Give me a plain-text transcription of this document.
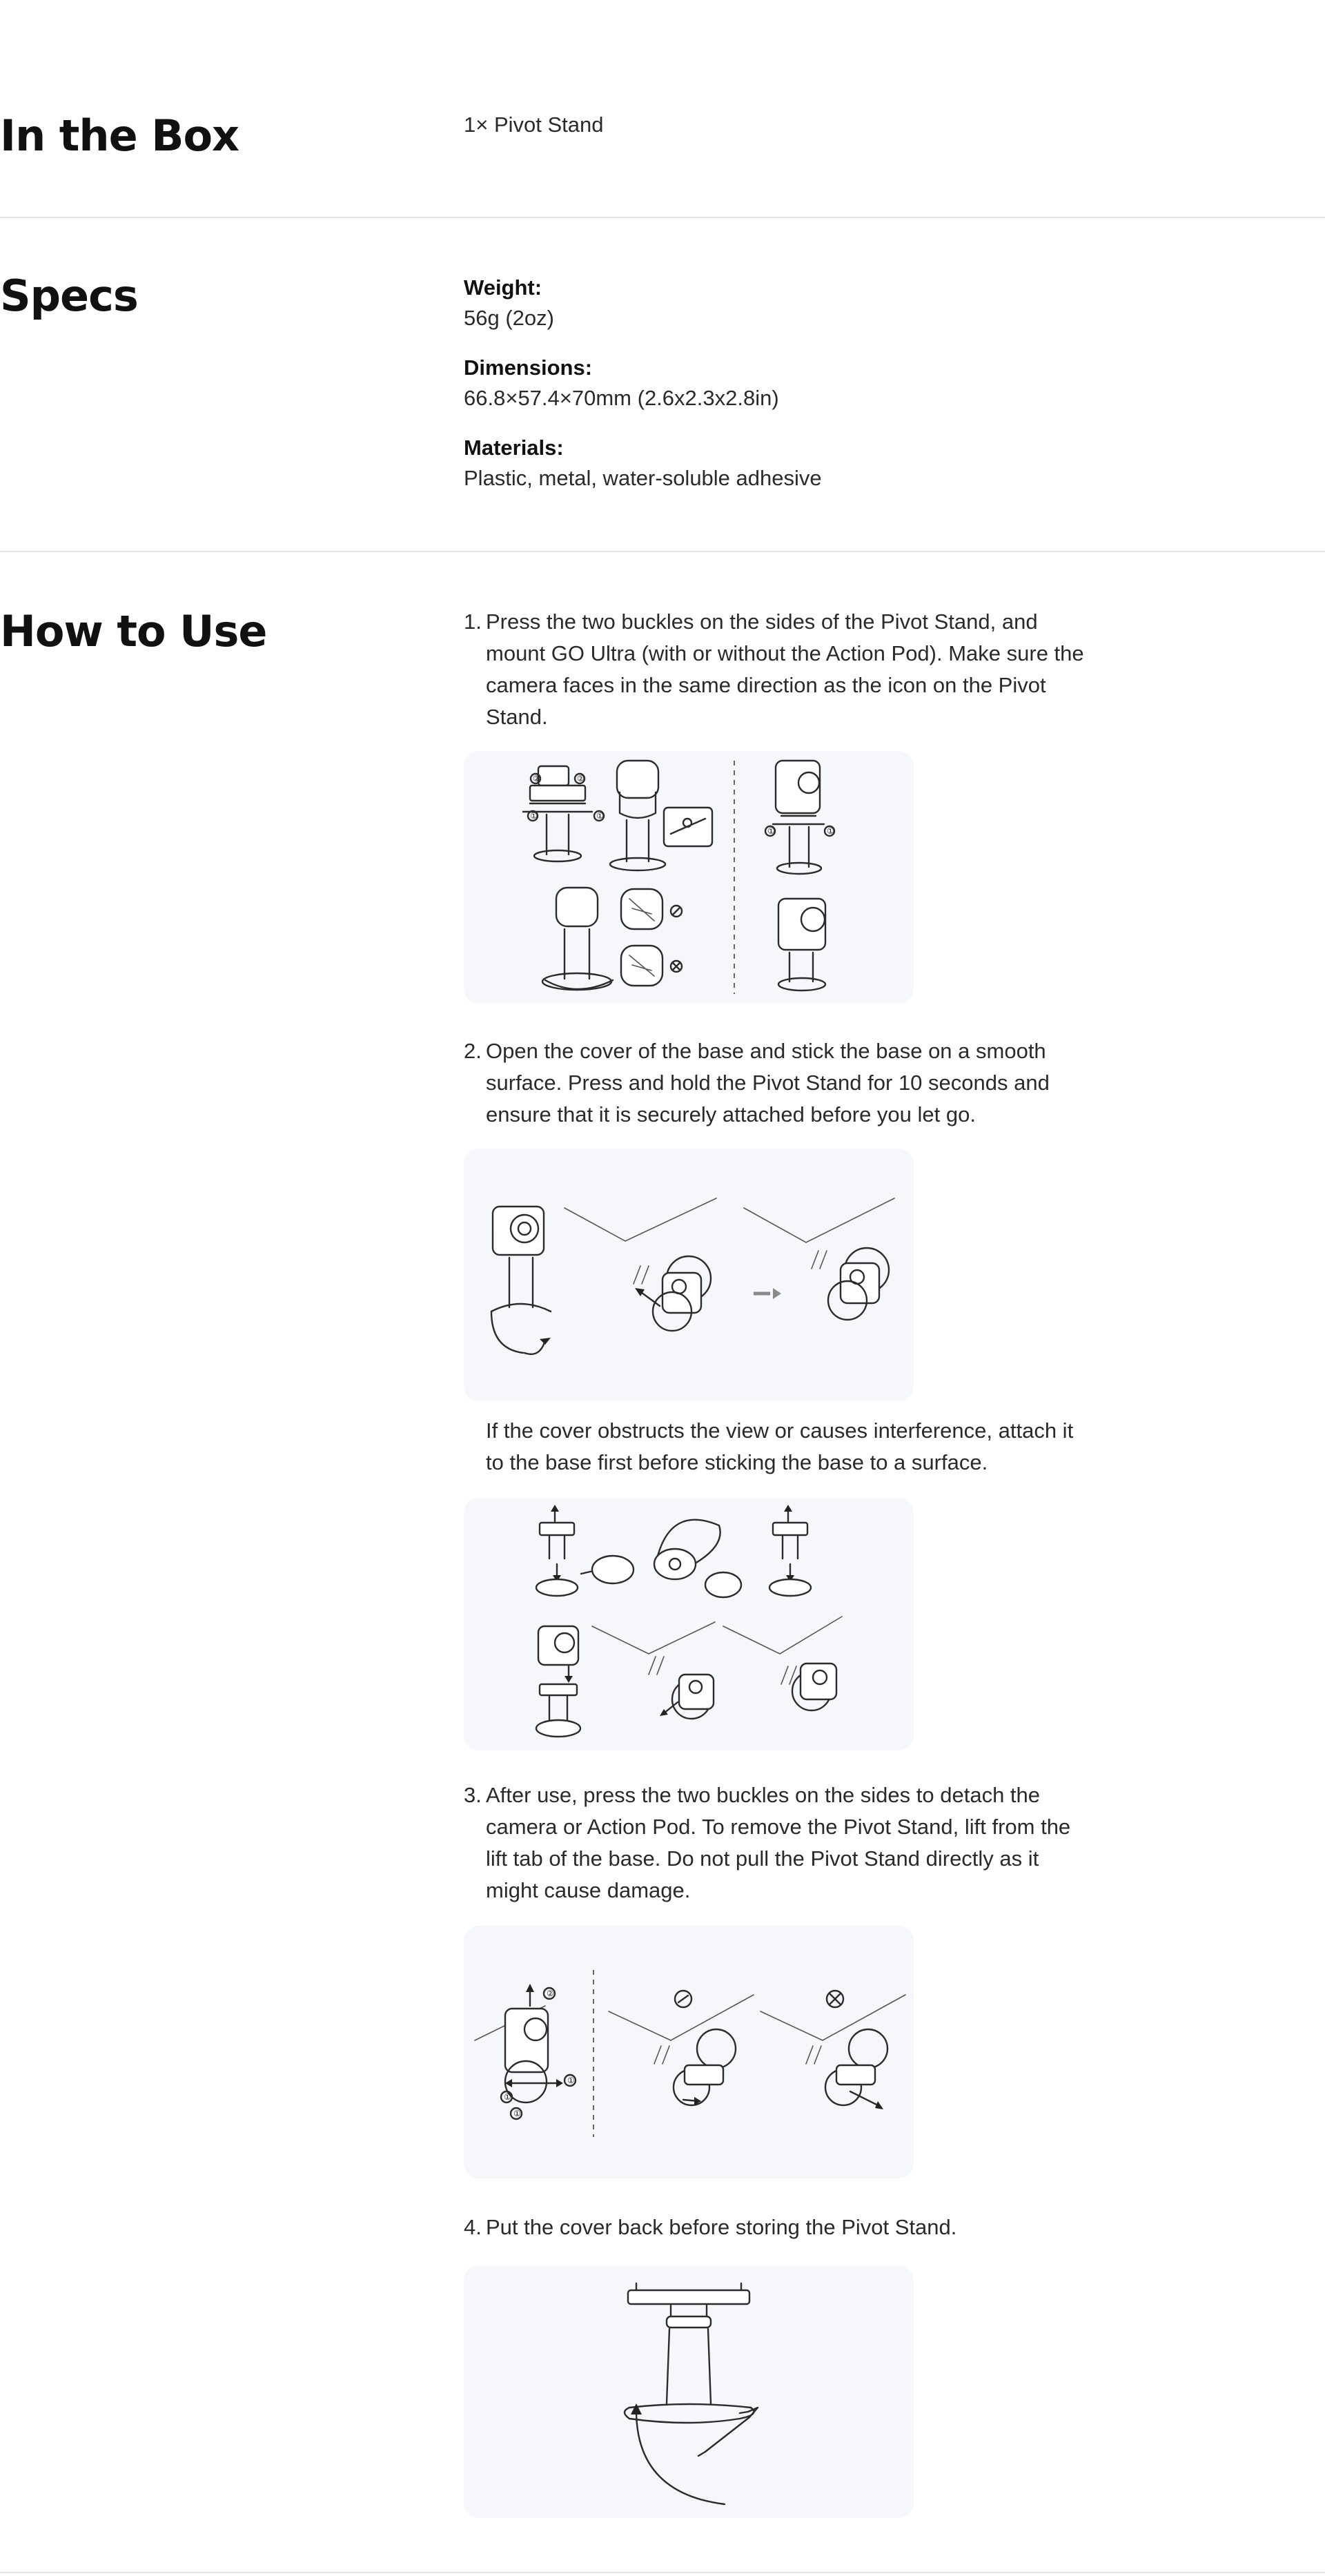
In the Box	1× Pivot Stand
Specs	Weight:
56g (2oz)
Dimensions:
66.8×57.4×70mm (2.6x2.3x2.8in)
Materials:
Plastic, metal, water-soluble adhesive
How to Use	1. Press the two buckles on the sides of the Pivot Stand, and mount GO Ultra (with or without the Action Pod). Make sure the camera faces in the same direction as the icon on the Pivot Stand.
②	②
①	①
①	①
2. Open the cover of the base and stick the base on a smooth surface. Press and hold the Pivot Stand for 10 seconds and ensure that it is securely attached before you let go.
If the cover obstructs the view or causes interference, attach it to the base first before sticking the base to a surface.
3. After use, press the two buckles on the sides to detach the camera or Action Pod. To remove the Pivot Stand, lift from the lift tab of the base. Do not pull the Pivot Stand directly as it might cause damage.
②
①
①
①
4. Put the cover back before storing the Pivot Stand.
